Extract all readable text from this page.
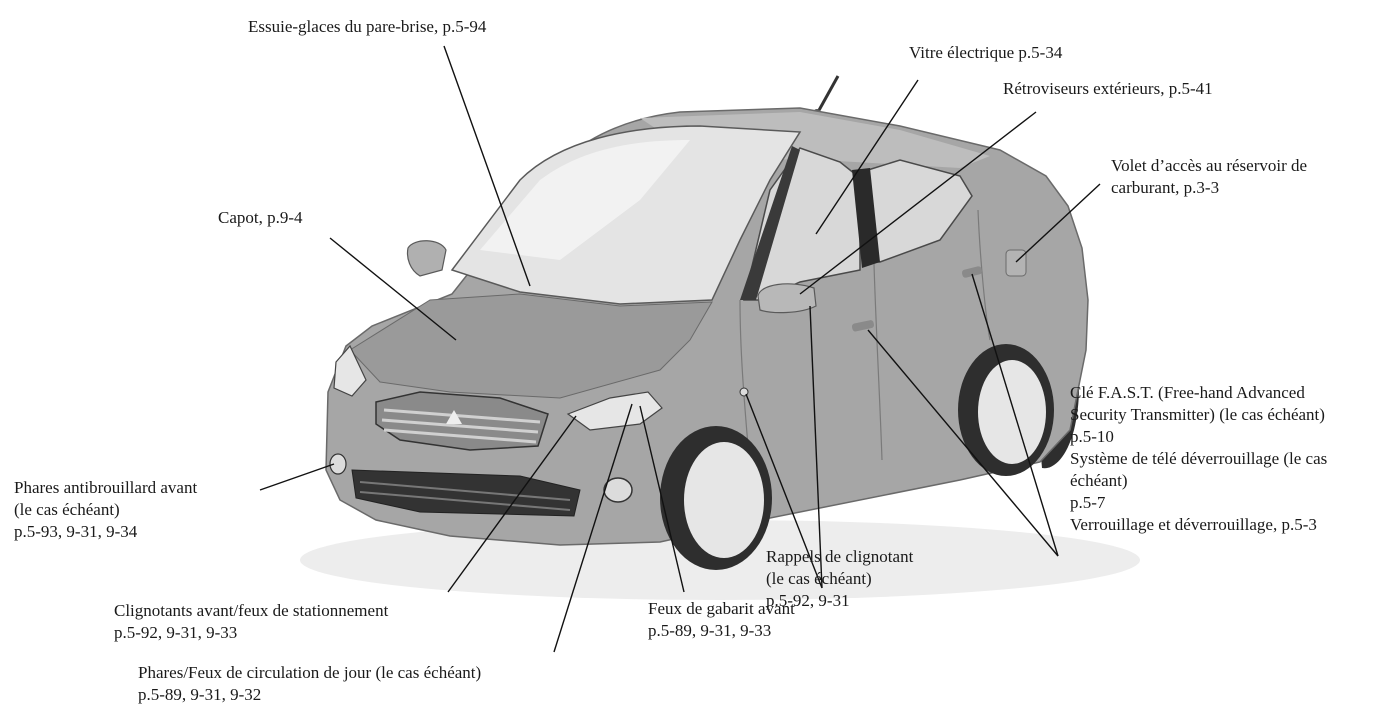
Essuie-glaces du pare-brise, p.5-94
Vitre électrique p.5-34
Rétroviseurs extérieurs, p.5-41
Volet d’accès au réservoir de
carburant, p.3-3
Capot, p.9-4
Clé F.A.S.T. (Free-hand Advanced
Security Transmitter) (le cas échéant)
p.5-10
Système de télé déverrouillage (le cas
échéant)
p.5-7
Verrouillage et déverrouillage, p.5-3
Phares antibrouillard avant
(le cas échéant)
p.5-93, 9-31, 9-34
Rappels de clignotant
(le cas échéant)
p.5-92, 9-31
Clignotants avant/feux de stationnement
p.5-92, 9-31, 9-33
Feux de gabarit avant
p.5-89, 9-31, 9-33
Phares/Feux de circulation de jour (le cas échéant)
p.5-89, 9-31, 9-32
